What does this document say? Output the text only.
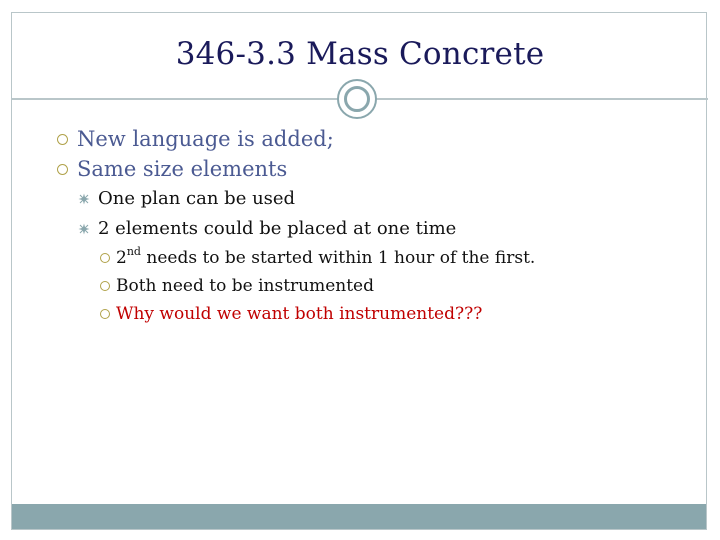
346-3.3 Mass Concrete
New language is added;
Same size elements
One plan can be used
2 elements could be placed at one time
2nd needs to be started within 1 hour of the first.
Both need to be instrumented
Why would we want both instrumented???
